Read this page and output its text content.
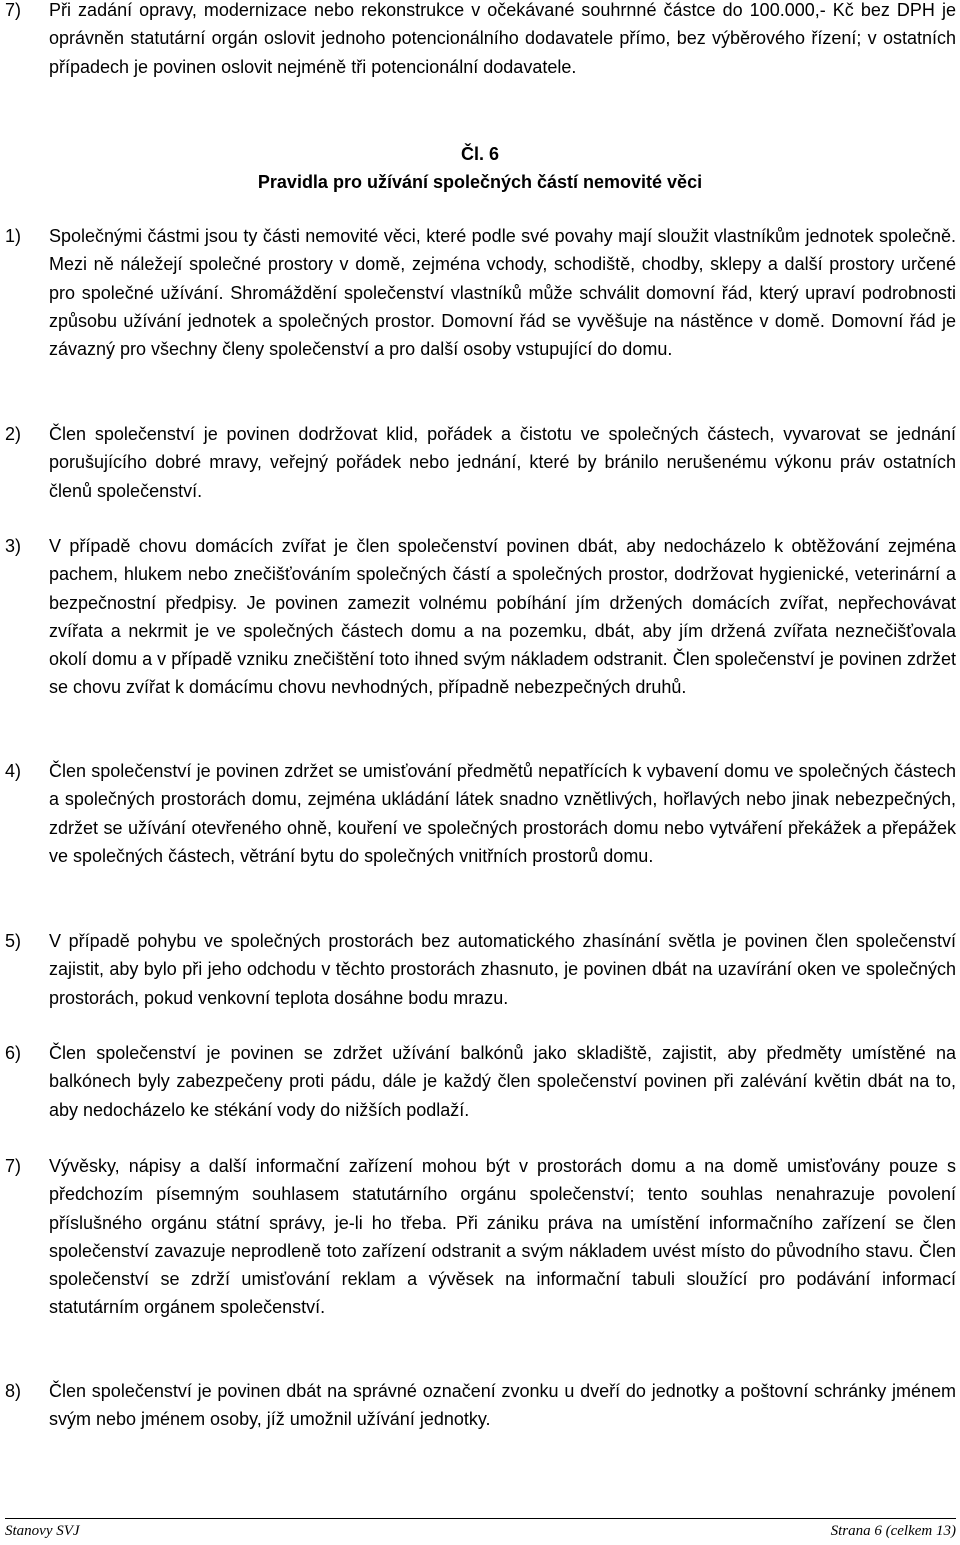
7) Při zadání opravy, modernizace nebo rekonstrukce v očekávané souhrnné částce do 100.000,- Kč bez DPH je oprávněn statutární orgán oslovit jednoho potencionálního dodavatele přímo, bez výběrového řízení; v ostatních případech je povinen oslovit nejméně tři potencionální dodavatele.
Čl. 6
Pravidla pro užívání společných částí nemovité věci
1) Společnými částmi jsou ty části nemovité věci, které podle své povahy mají sloužit vlastníkům jednotek společně. Mezi ně náležejí společné prostory v domě, zejména vchody, schodiště, chodby, sklepy a další prostory určené pro společné užívání. Shromáždění společenství vlastníků může schválit domovní řád, který upraví podrobnosti způsobu užívání jednotek a společných prostor. Domovní řád se vyvěšuje na nástěnce v domě. Domovní řád je závazný pro všechny členy společenství a pro další osoby vstupující do domu.
2) Člen společenství je povinen dodržovat klid, pořádek a čistotu ve společných částech, vyvarovat se jednání porušujícího dobré mravy, veřejný pořádek nebo jednání, které by bránilo nerušenému výkonu práv ostatních členů společenství.
3) V případě chovu domácích zvířat je člen společenství povinen dbát, aby nedocházelo k obtěžování zejména pachem, hlukem nebo znečišťováním společných částí a společných prostor, dodržovat hygienické, veterinární a bezpečnostní předpisy. Je povinen zamezit volnému pobíhání jím držených domácích zvířat, nepřechovávat zvířata a nekrmit je ve společných částech domu a na pozemku, dbát, aby jím držená zvířata neznečišťovala okolí domu a v případě vzniku znečištění toto ihned svým nákladem odstranit. Člen společenství je povinen zdržet se chovu zvířat k domácímu chovu nevhodných, případně nebezpečných druhů.
4) Člen společenství je povinen zdržet se umisťování předmětů nepatřících k vybavení domu ve společných částech a společných prostorách domu, zejména ukládání látek snadno vznětlivých, hořlavých nebo jinak nebezpečných, zdržet se užívání otevřeného ohně, kouření ve společných prostorách domu nebo vytváření překážek a přepážek ve společných částech, větrání bytu do společných vnitřních prostorů domu.
5) V případě pohybu ve společných prostorách bez automatického zhasínání světla je povinen člen společenství zajistit, aby bylo při jeho odchodu v těchto prostorách zhasnuto, je povinen dbát na uzavírání oken ve společných prostorách, pokud venkovní teplota dosáhne bodu mrazu.
6) Člen společenství je povinen se zdržet užívání balkónů jako skladiště, zajistit, aby předměty umístěné na balkónech byly zabezpečeny proti pádu, dále je každý člen společenství povinen při zalévání květin dbát na to, aby nedocházelo ke stékání vody do nižších podlaží.
7) Vývěsky, nápisy a další informační zařízení mohou být v prostorách domu a na domě umisťovány pouze s předchozím písemným souhlasem statutárního orgánu společenství; tento souhlas nenahrazuje povolení příslušného orgánu státní správy, je-li ho třeba. Při zániku práva na umístění informačního zařízení se člen společenství zavazuje neprodleně toto zařízení odstranit a svým nákladem uvést místo do původního stavu. Člen společenství se zdrží umisťování reklam a vývěsek na informační tabuli sloužící pro podávání informací statutárním orgánem společenství.
8) Člen společenství je povinen dbát na správné označení zvonku u dveří do jednotky a poštovní schránky jménem svým nebo jménem osoby, jíž umožnil užívání jednotky.
Stanovy SVJ	Strana 6 (celkem 13)
